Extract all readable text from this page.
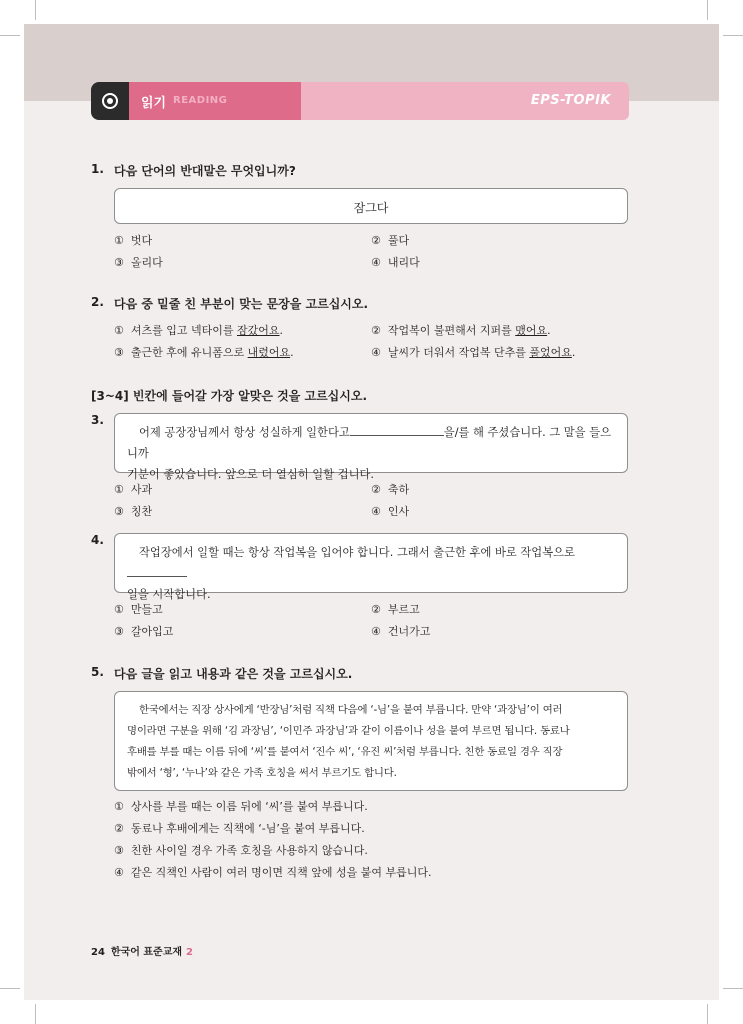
EPS-TOPIK
읽기 READING
1. 다음 단어의 반대말은 무엇입니까?
잠그다
① 벗다	② 풀다
③ 올리다	④ 내리다
2. 다음 중 밑줄 친 부분이 맞는 문장을 고르십시오.
① 셔츠를 입고 넥타이를 잠갔어요.	② 작업복이 불편해서 지퍼를 맸어요.
③ 출근한 후에 유니폼으로 내렸어요.	④ 날씨가 더워서 작업복 단추를 풀었어요.
[3~4] 빈칸에 들어갈 가장 알맞은 것을 고르십시오.
3.
어제 공장장님께서 항상 성실하게 일한다고	을/를 해 주셨습니다. 그 말을 들으니까
기분이 좋았습니다. 앞으로 더 열심히 일할 겁니다.
① 사과	② 축하
③ 칭찬	④ 인사
4.
작업장에서 일할 때는 항상 작업복을 입어야 합니다. 그래서 출근한 후에 바로 작업복으로
일을 시작합니다.
① 만들고	② 부르고
③ 갈아입고	④ 건너가고
5. 다음 글을 읽고 내용과 같은 것을 고르십시오.
한국에서는 직장 상사에게 ‘반장님’처럼 직책 다음에 ‘-님’을 붙여 부릅니다. 만약 ‘과장님’이 여러
명이라면 구분을 위해 ‘김 과장님’, ‘이민주 과장님’과 같이 이름이나 성을 붙여 부르면 됩니다. 동료나
후배를 부를 때는 이름 뒤에 ‘씨’를 붙여서 ‘진수 씨’, ‘유진 씨’처럼 부릅니다. 친한 동료일 경우 직장
밖에서 ‘형’, ‘누나’와 같은 가족 호칭을 써서 부르기도 합니다.
① 상사를 부를 때는 이름 뒤에 ‘씨’를 붙여 부릅니다.
② 동료나 후배에게는 직책에 ‘-님’을 붙여 부릅니다.
③ 친한 사이일 경우 가족 호칭을 사용하지 않습니다.
④ 같은 직책인 사람이 여러 명이면 직책 앞에 성을 붙여 부릅니다.
24 한국어 표준교재 2
